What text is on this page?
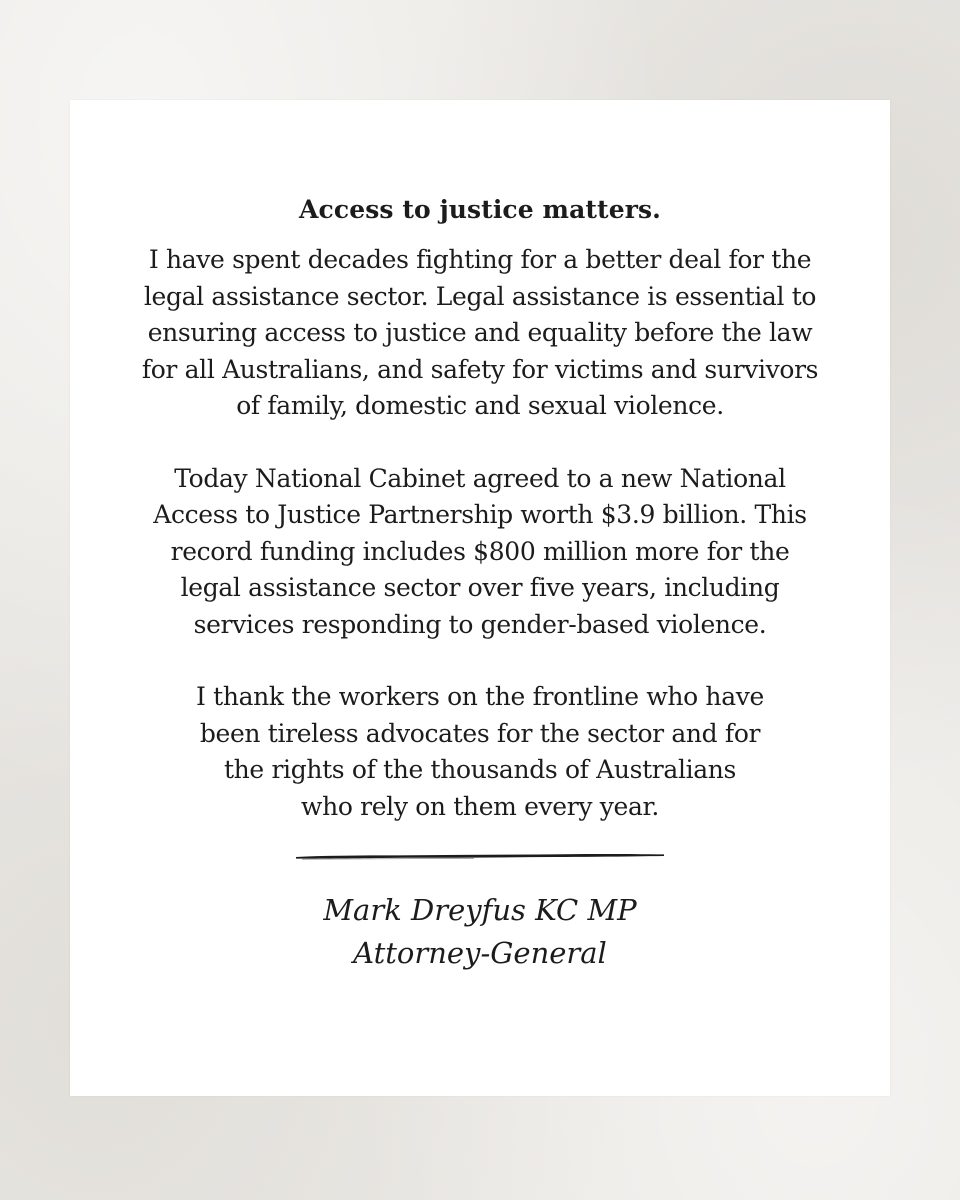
Access to justice matters.

I have spent decades fighting for a better deal for the
legal assistance sector. Legal assistance is essential to
ensuring access to justice and equality before the law
for all Australians, and safety for victims and survivors
of family, domestic and sexual violence.

Today National Cabinet agreed to a new National
Access to Justice Partnership worth $3.9 billion. This
record funding includes $800 million more for the
legal assistance sector over five years, including
services responding to gender-based violence.

I thank the workers on the frontline who have
been tireless advocates for the sector and for
the rights of the thousands of Australians
who rely on them every year.

Mark Dreyfus KC MP
Attorney-General
